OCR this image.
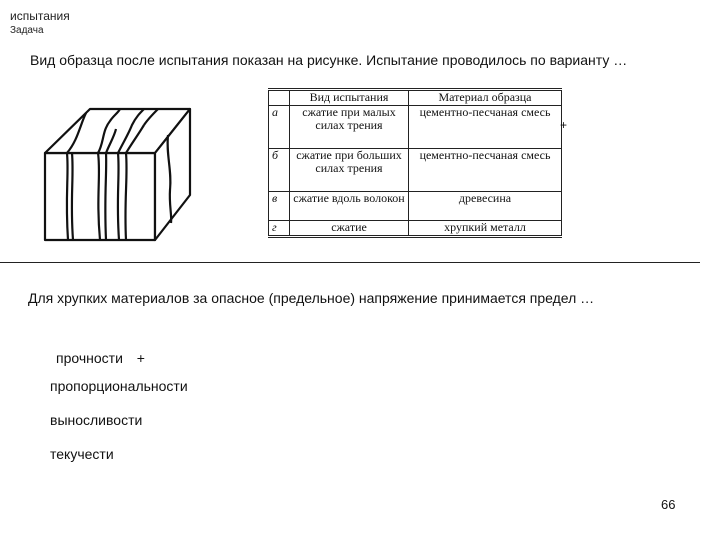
испытания
Задача
Вид образца после испытания показан на рисунке. Испытание проводилось по варианту …
	Вид испытания	Материал образца
а	сжатие при малых силах трения	цементно-песчаная смесь
б	сжатие при больших силах трения	цементно-песчаная смесь
в	сжатие вдоль волокон	древесина
г	сжатие	хрупкий металл
+
Для хрупких материалов за опасное (предельное) напряжение принимается предел …
прочности +
пропорциональности
выносливости
текучести
66
